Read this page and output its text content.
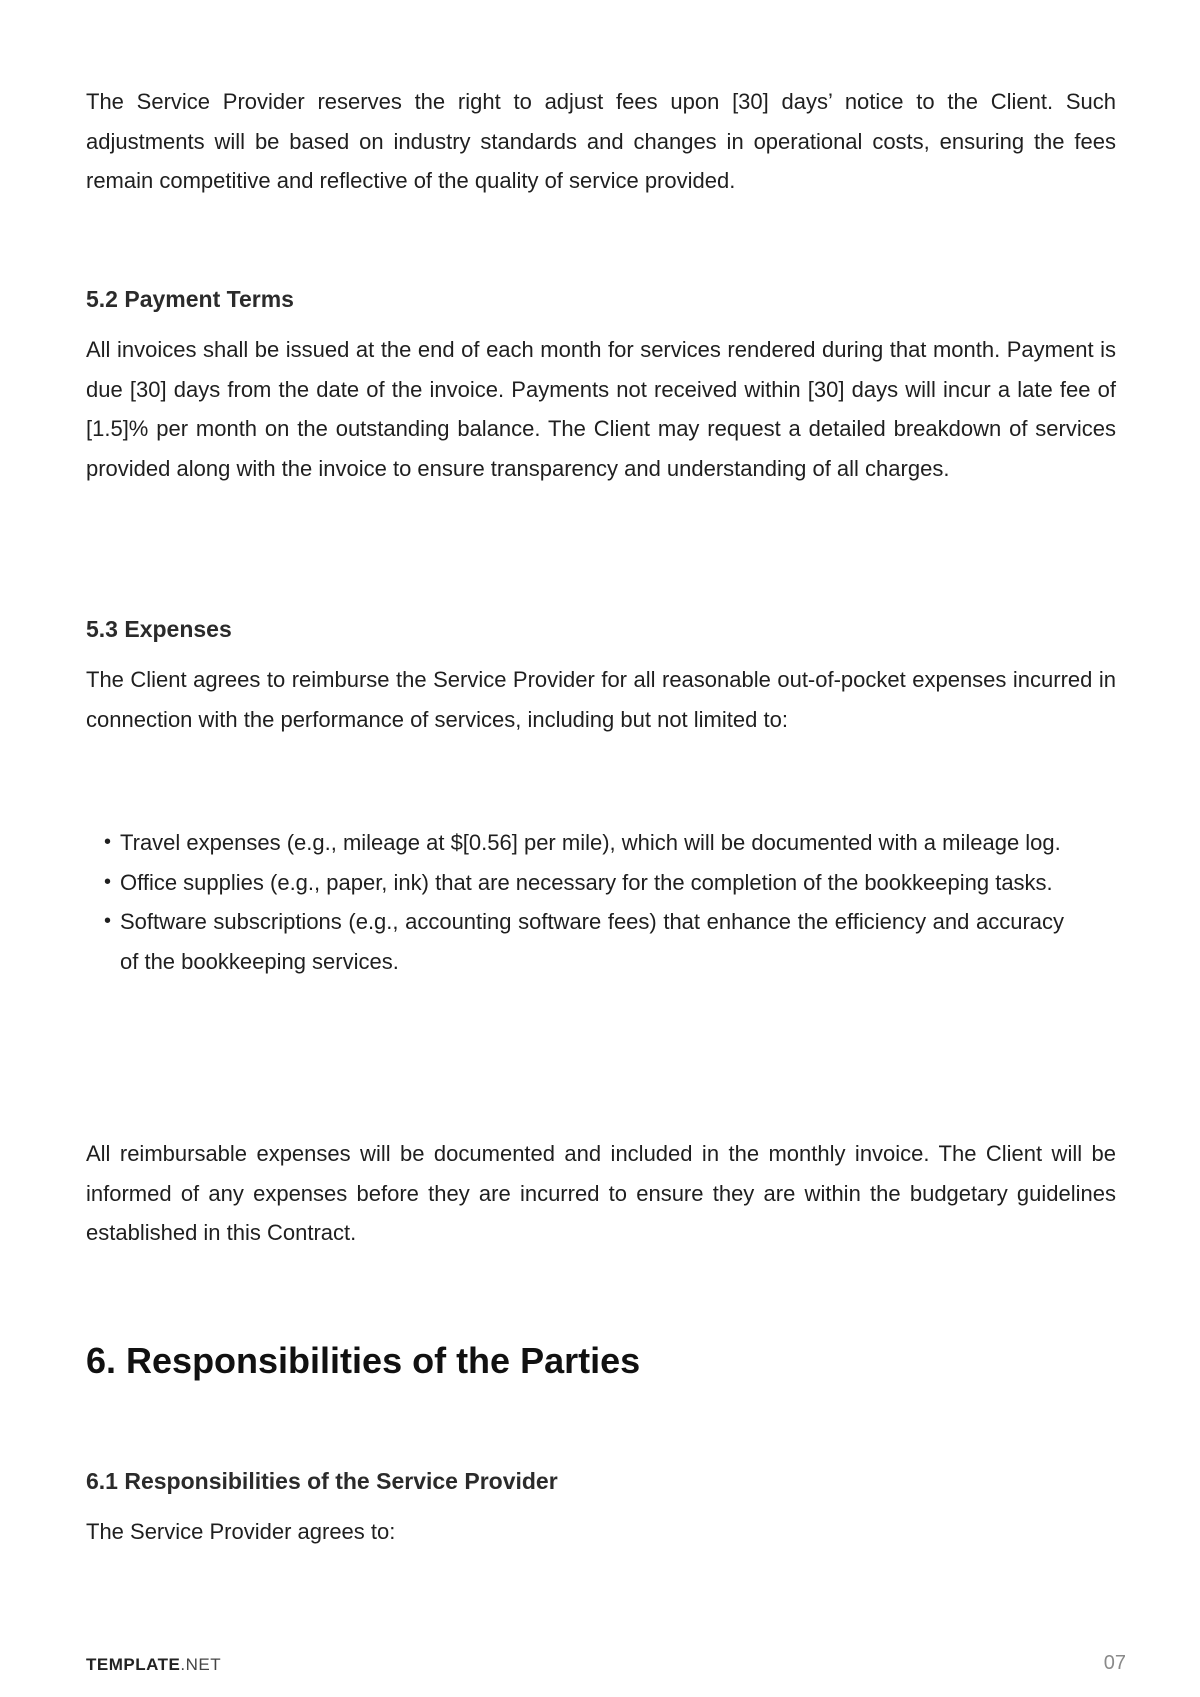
The Service Provider reserves the right to adjust fees upon [30] days’ notice to the Client. Such adjustments will be based on industry standards and changes in operational costs, ensuring the fees remain competitive and reflective of the quality of service provided.

5.2 Payment Terms

All invoices shall be issued at the end of each month for services rendered during that month. Payment is due [30] days from the date of the invoice. Payments not received within [30] days will incur a late fee of [1.5]% per month on the outstanding balance. The Client may request a detailed breakdown of services provided along with the invoice to ensure transparency and understanding of all charges.

5.3 Expenses

The Client agrees to reimburse the Service Provider for all reasonable out-of-pocket expenses incurred in connection with the performance of services, including but not limited to:

• Travel expenses (e.g., mileage at $[0.56] per mile), which will be documented with a mileage log.
• Office supplies (e.g., paper, ink) that are necessary for the completion of the bookkeeping tasks.
• Software subscriptions (e.g., accounting software fees) that enhance the efficiency and accuracy of the bookkeeping services.

All reimbursable expenses will be documented and included in the monthly invoice. The Client will be informed of any expenses before they are incurred to ensure they are within the budgetary guidelines established in this Contract.

6. Responsibilities of the Parties
6.1 Responsibilities of the Service Provider

The Service Provider agrees to:

TEMPLATE.NET	07
